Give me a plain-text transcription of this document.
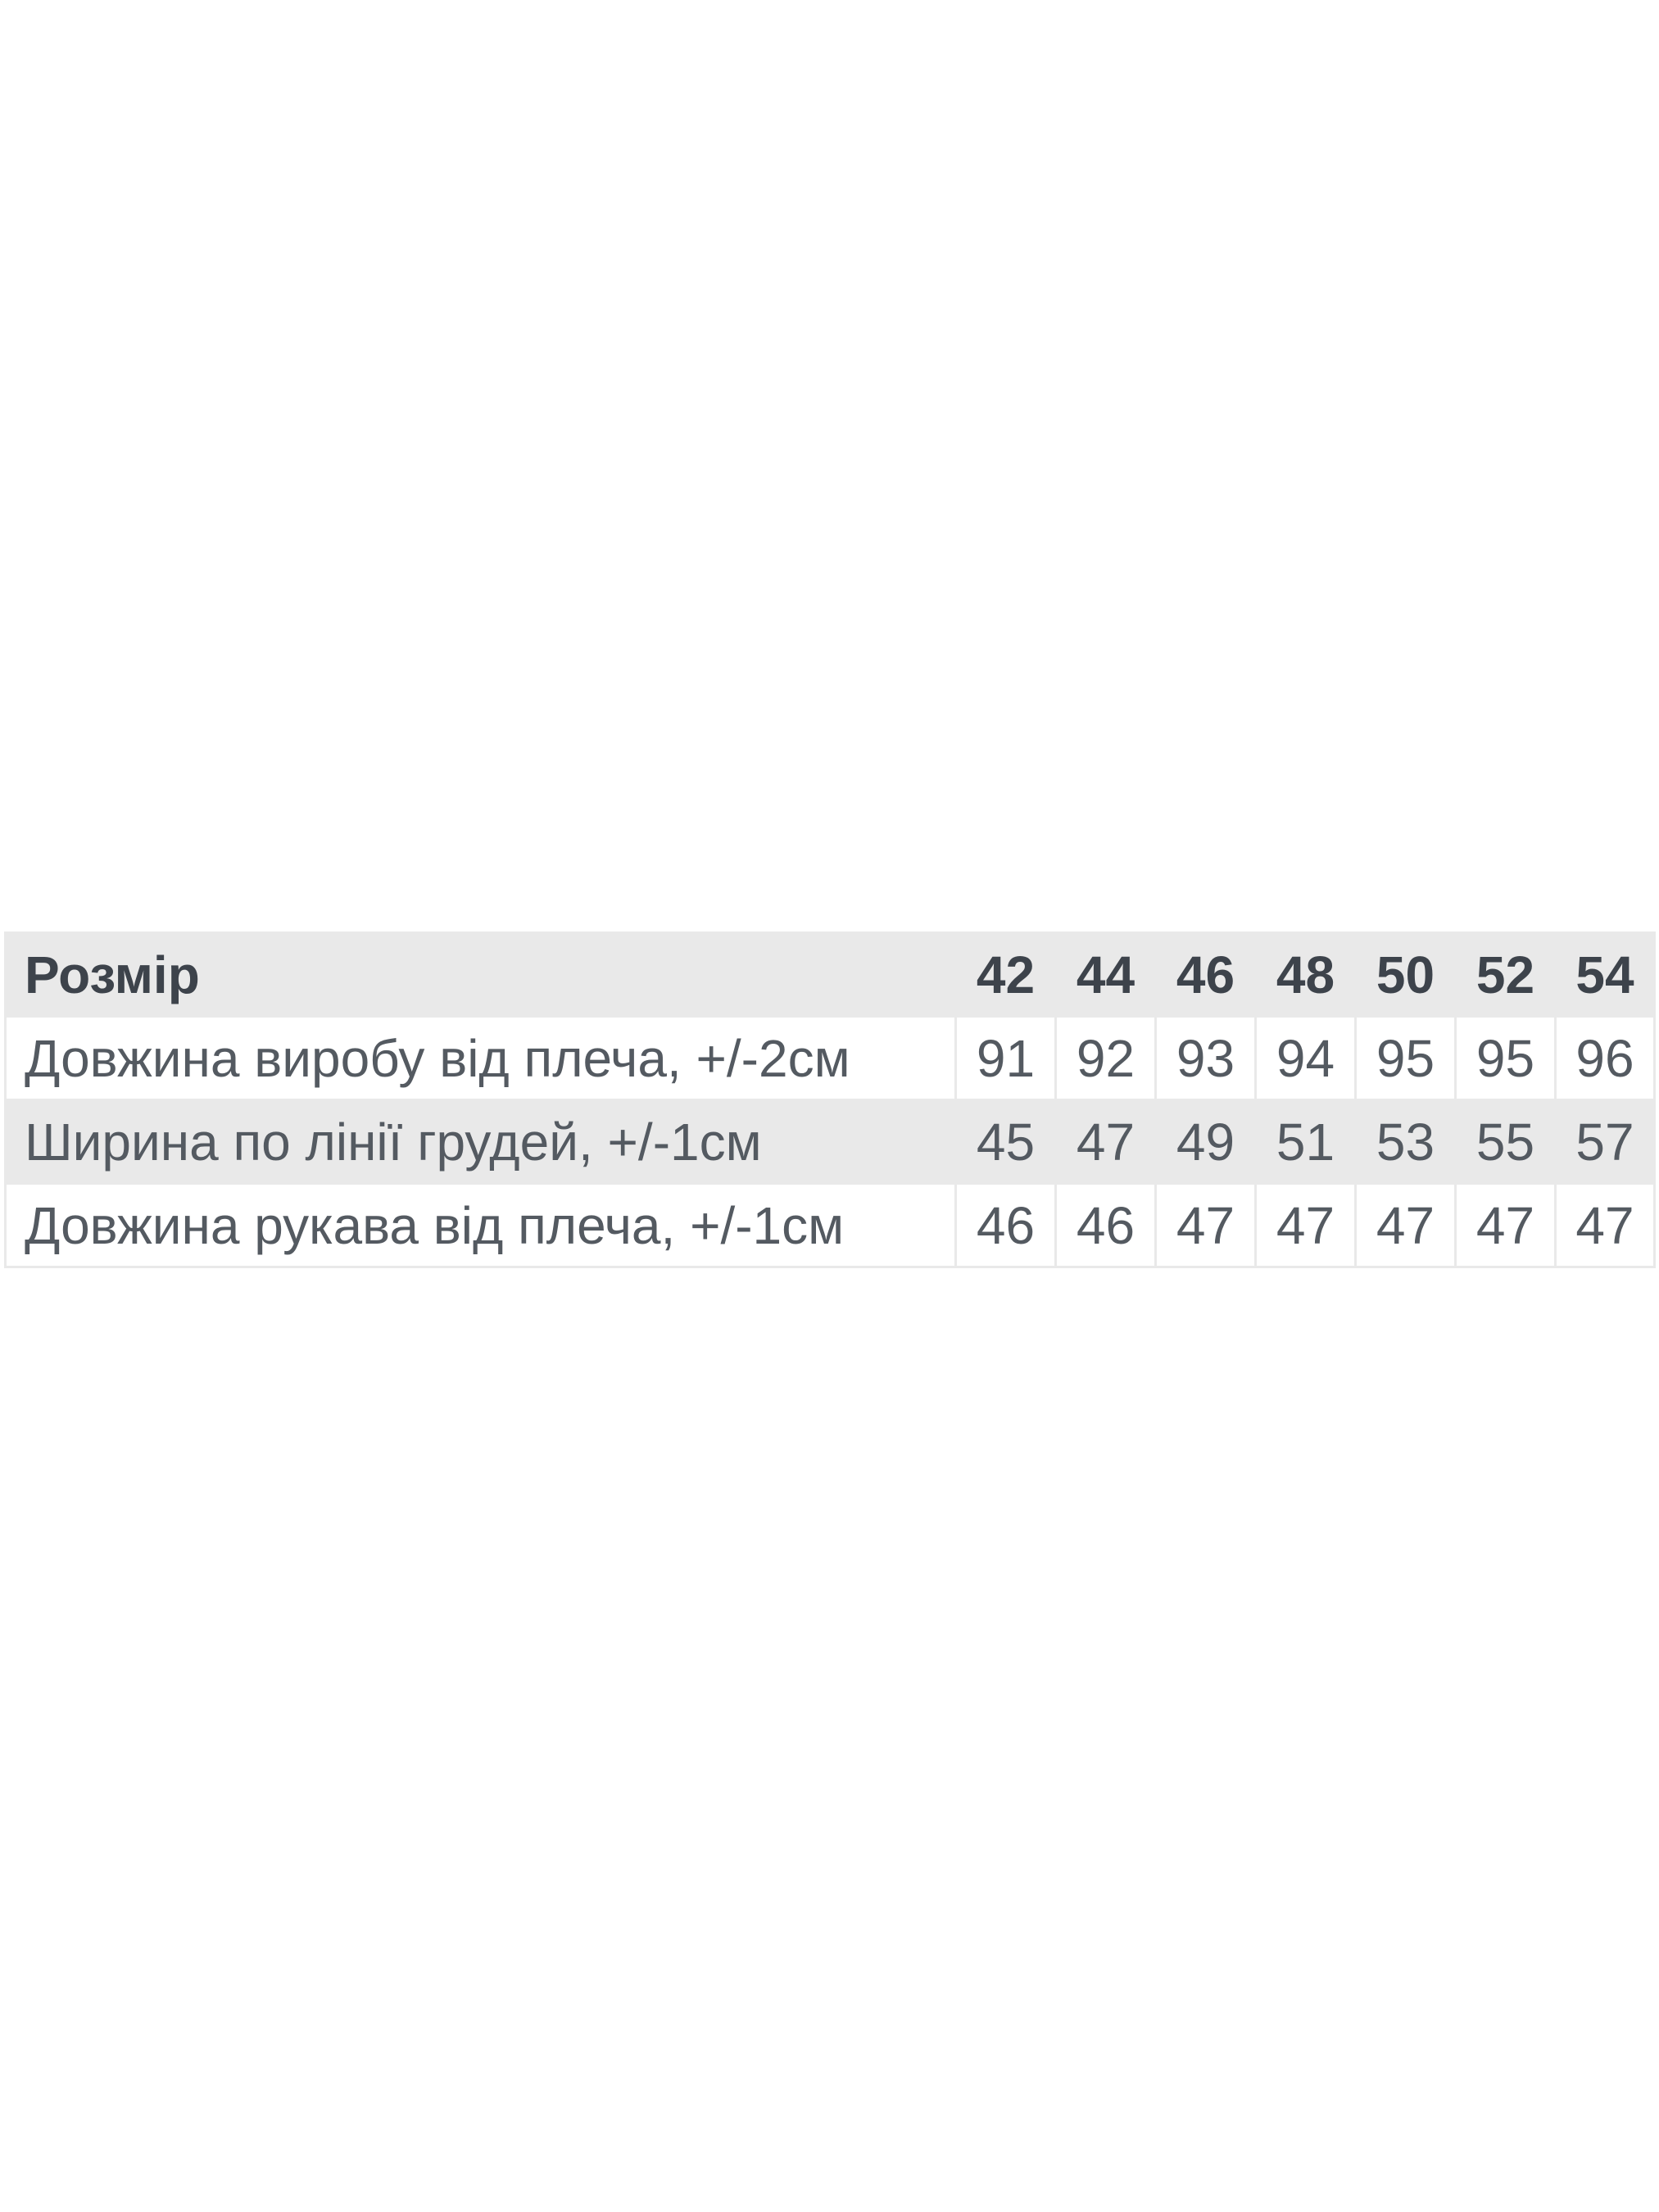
Розмір	42	44	46	48	50	52	54
Довжина виробу від плеча, +/-2см	91	92	93	94	95	95	96
Ширина по лінії грудей, +/-1см	45	47	49	51	53	55	57
Довжина рукава від плеча, +/-1см	46	46	47	47	47	47	47
